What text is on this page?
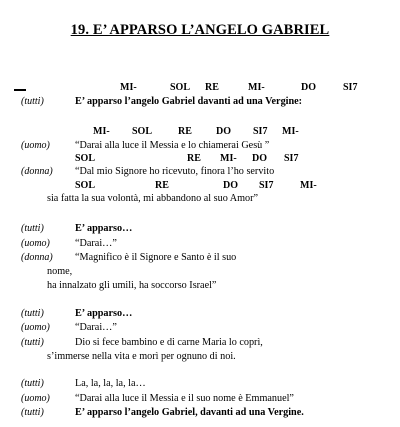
19. E’ APPARSO L’ANGELO GABRIEL
MI-	SOL RE	MI-	DO	SI7
(tutti)	E’ apparso l’angelo Gabriel davanti ad una Vergine:
MI- SOL	RE DO SI7 MI-
(uomo) “Darai alla luce il Messia e lo chiamerai Gesù ”
SOL	RE MI- DO SI7
(donna) “Dal mio Signore ho ricevuto, finora l’ho servito
SOL	RE	DO SI7	MI-
sia fatta la sua volontà, mi abbandono al suo Amor”
(tutti)	E’ apparso…
(uomo) “Darai…”
(donna) “Magnifico è il Signore e Santo è il suo
nome,
ha innalzato gli umili, ha soccorso Israel”
(tutti)	E’ apparso…
(uomo) “Darai…”
(tutti)	Dio si fece bambino e di carne Maria lo coprì,
s’immerse nella vita e morì per ognuno di noi.
(tutti)	La, la, la, la, la…
(uomo) “Darai alla luce il Messia e il suo nome è Emmanuel”
(tutti)	E’ apparso l’angelo Gabriel, davanti ad una Vergine.
